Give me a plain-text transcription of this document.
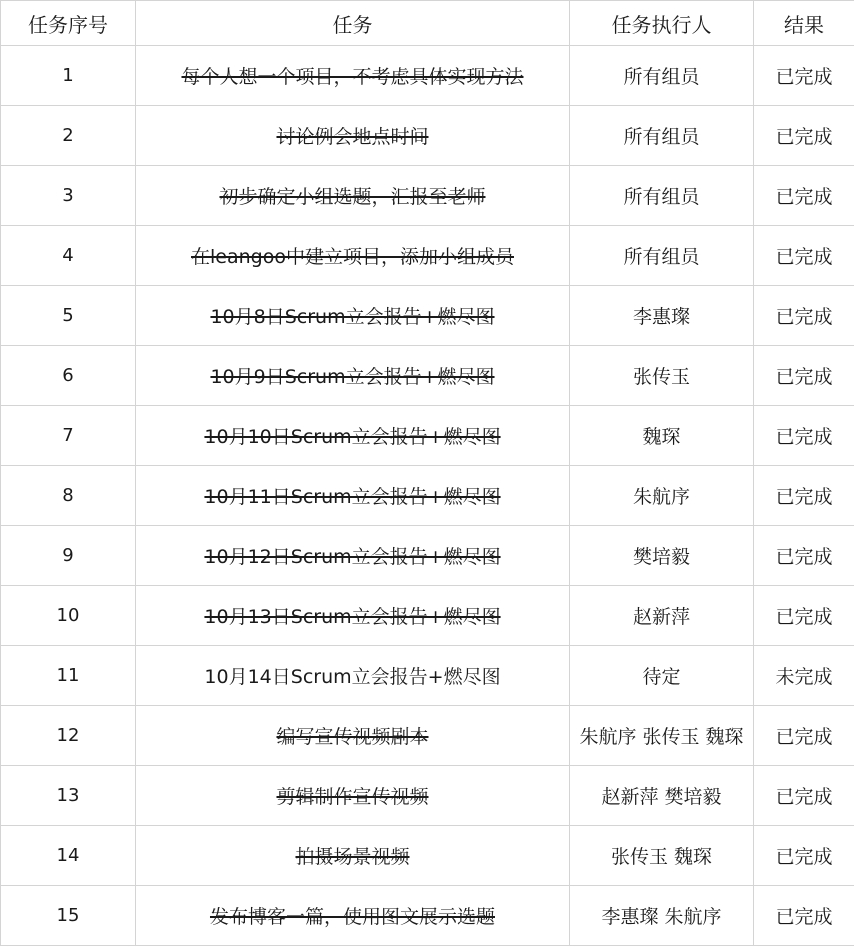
任务序号	任务	任务执行人	结果
1	每个人想一个项目，不考虑具体实现方法	所有组员	已完成
2	讨论例会地点时间	所有组员	已完成
3	初步确定小组选题，汇报至老师	所有组员	已完成
4	在leangoo中建立项目，添加小组成员	所有组员	已完成
5	10月8日Scrum立会报告+燃尽图	李惠璨	已完成
6	10月9日Scrum立会报告+燃尽图	张传玉	已完成
7	10月10日Scrum立会报告+燃尽图	魏琛	已完成
8	10月11日Scrum立会报告+燃尽图	朱航序	已完成
9	10月12日Scrum立会报告+燃尽图	樊培毅	已完成
10	10月13日Scrum立会报告+燃尽图	赵新萍	已完成
11	10月14日Scrum立会报告+燃尽图	待定	未完成
12	编写宣传视频剧本	朱航序 张传玉 魏琛	已完成
13	剪辑制作宣传视频	赵新萍 樊培毅	已完成
14	拍摄场景视频	张传玉 魏琛	已完成
15	发布博客一篇，使用图文展示选题	李惠璨 朱航序	已完成
